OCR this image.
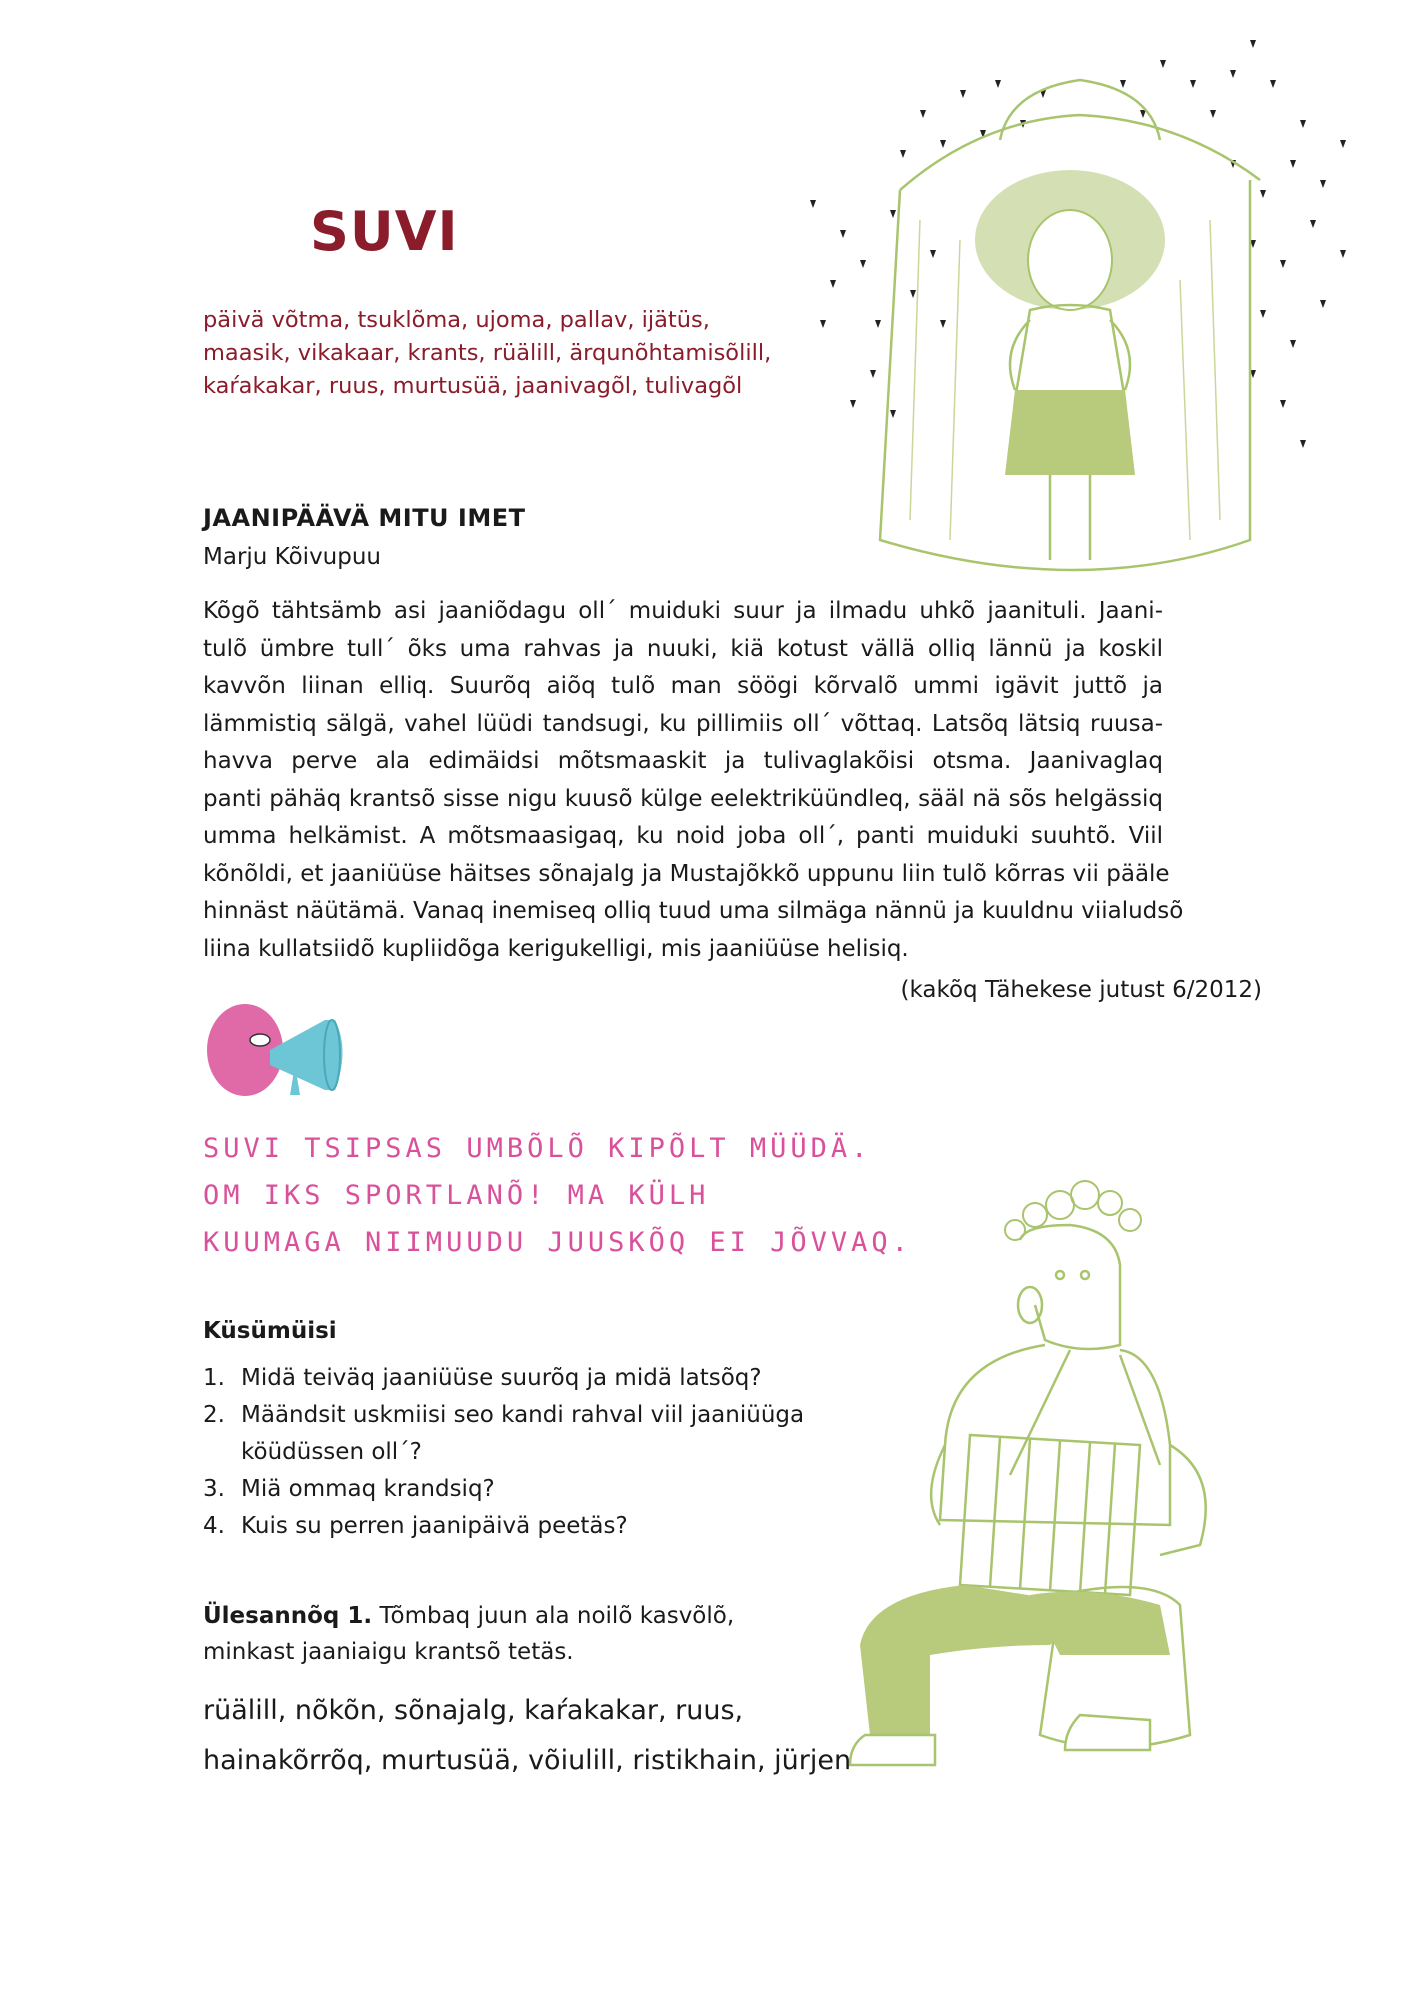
SUVI
päivä võtma, tsuklõma, ujoma, pallav, ijätüs,
maasik, vikakaar, krants, rüälill, ärqunõhtamisõlill,
kaŕakakar, ruus, murtusüä, jaanivagõl, tulivagõl
JAANIPÄÄVÄ MITU IMET
Marju Kõivupuu
Kõgõ tähtsämb asi jaaniõdagu oll´ muiduki suur ja ilmadu uhkõ jaanituli. Jaani-
tulõ ümbre tull´ õks uma rahvas ja nuuki, kiä kotust vällä olliq lännü ja koskil
kavvõn liinan elliq. Suurõq aiõq tulõ man söögi kõrvalõ ummi igävit juttõ ja
lämmistiq sälgä, vahel lüüdi tandsugi, ku pillimiis oll´ võttaq. Latsõq lätsiq ruusa-
havva perve ala edimäidsi mõtsmaaskit ja tulivaglakõisi otsma. Jaanivaglaq
panti pähäq krantsõ sisse nigu kuusõ külge eelektriküündleq, sääl nä sõs helgässiq
umma helkämist. A mõtsmaasigaq, ku noid joba oll´, panti muiduki suuhtõ. Viil
kõnõldi, et jaaniüüse häitses sõnajalg ja Mustajõkkõ uppunu liin tulõ kõrras vii pääle
hinnäst näütämä. Vanaq inemiseq olliq tuud uma silmäga nännü ja kuuldnu viialudsõ
liina kullatsiidõ kupliidõga kerigukelligi, mis jaaniüüse helisiq.
(kakõq Tähekese jutust 6/2012)
SUVI TSIPSAS UMBÕLÕ KIPÕLT MÜÜDÄ.
OM IKS SPORTLANÕ! MA KÜLH
KUUMAGA NIIMUUDU JUUSKÕQ EI JÕVVAQ.
Küsümüisi
1. Midä teiväq jaaniüüse suurõq ja midä latsõq?
2. Määndsit uskmiisi seo kandi rahval viil jaaniüüga köüdüssen oll´?
3. Miä ommaq krandsiq?
4. Kuis su perren jaanipäivä peetäs?
Ülesannõq 1. Tõmbaq juun ala noilõ kasvõlõ, minkast jaaniaigu krantsõ tetäs.
rüälill, nõkõn, sõnajalg, kaŕakakar, ruus,
hainakõrrõq, murtusüä, võiulill, ristikhain, jürjen
